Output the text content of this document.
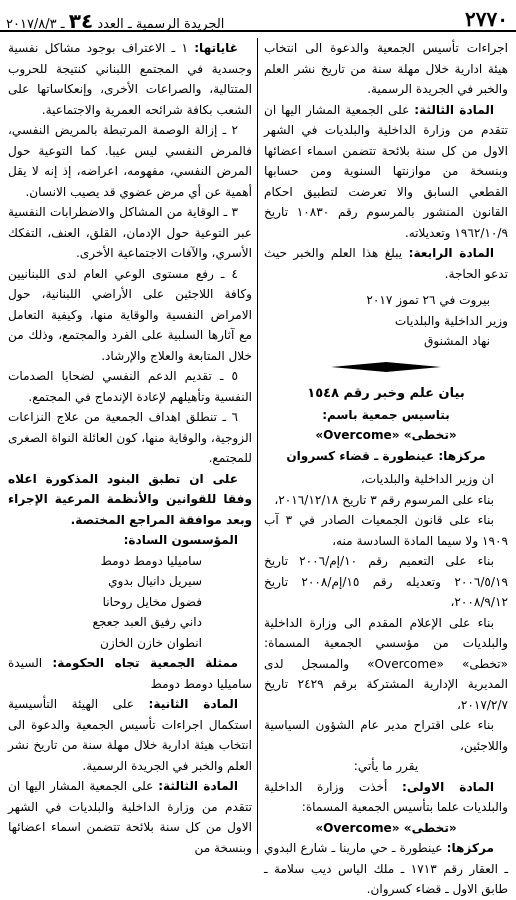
٢٧٧٠
الجريدة الرسمية ـ العدد ٣٤ ـ ٢٠١٧/٨/٣

اجراءات تأسيس الجمعية والدعوة الى انتخاب هيئة ادارية خلال مهلة سنة من تاريخ نشر العلم والخبر في الجريدة الرسمية.

المادة الثالثة: على الجمعية المشار اليها ان تتقدم من وزارة الداخلية والبلديات في الشهر الاول من كل سنة بلائحة تتضمن اسماء اعضائها وبنسخة من موازنتها السنوية ومن حسابها القطعي السابق والا تعرضت لتطبيق احكام القانون المنشور بالمرسوم رقم ١٠٨٣٠ تاريخ ١٩٦٢/١٠/٩ وتعديلاته.

المادة الرابعة: يبلغ هذا العلم والخبر حيث تدعو الحاجة.

بيروت في ٢٦ تموز ٢٠١٧

وزير الداخلية والبلديات

نهاد المشنوق

بيان علم وخبر رقم ١٥٤٨

بتاسيس جمعية باسم:

«تخطى» «Overcome»

مركزها: عينطورة ـ قضاء كسروان

ان وزير الداخلية والبلديات،

بناء على المرسوم رقم ٣ تاريخ ٢٠١٦/١٢/١٨،

بناء على قانون الجمعيات الصادر في ٣ آب ١٩٠٩ ولا سيما المادة السادسة منه،

بناء على التعميم رقم ١٠/إم/٢٠٠٦ تاريخ ٢٠٠٦/٥/١٩ وتعديله رقم ١٥/إم/٢٠٠٨ تاريخ ٢٠٠٨/٩/١٢،

بناء على الإعلام المقدم الى وزارة الداخلية والبلديات من مؤسسي الجمعية المسماة: «تخطى» «Overcome» والمسجل لدى المديرية الإدارية المشتركة برقم ٢٤٢٩ تاريخ ٢٠١٧/٢/٧،

بناء على اقتراح مدير عام الشؤون السياسية واللاجئين،

يقرر ما يأتي:

المادة الاولى: أخذت وزارة الداخلية والبلديات علما بتأسيس الجمعية المسماة:

«تخطى» «Overcome»

مركزها: عينطورة ـ حي مارينا ـ شارع البدوي ـ العقار رقم ١٧١٣ ـ ملك الياس ديب سلامة ـ طابق الاول ـ قضاء كسروان.

غاياتها: ١ ـ الاعتراف بوجود مشاكل نفسية وجسدية في المجتمع اللبناني كنتيجة للحروب المتتالية، والصراعات الأخرى، وإنعكاساتها على الشعب بكافة شرائحه العمرية والاجتماعية.

٢ ـ إزالة الوصمة المرتبطة بالمريض النفسي، فالمرض النفسي ليس عيبا. كما التوعية حول المرض النفسي، مفهومه، اعراضه، إذ إنه لا يقل أهمية عن أي مرض عضوي قد يصيب الانسان.

٣ ـ الوقاية من المشاكل والاضطرابات النفسية عبر التوعية حول الإدمان، القلق، العنف، التفكك الأسري، والآفات الاجتماعية الأخرى.

٤ ـ رفع مستوى الوعي العام لدى اللبنانيين وكافة اللاجئين على الأراضي اللبنانية، حول الامراض النفسية والوقاية منها، وكيفية التعامل مع آثارها السلبية على الفرد والمجتمع، وذلك من خلال المتابعة والعلاج والإرشاد.

٥ ـ تقديم الدعم النفسي لضحايا الصدمات النفسية وتأهيلهم لإعادة الإندماج في المجتمع.

٦ ـ تنطلق اهداف الجمعية من علاج النزاعات الزوجية، والوقاية منها، كون العائلة النواة الصغرى للمجتمع.

على ان تطبق البنود المذكورة اعلاه وفقا للقوانين والأنظمة المرعية الإجراء وبعد موافقة المراجع المختصة.

المؤسسون السادة:

ساميليا دومط دومط

سيريل دانيال بدوي

فضول مخايل روحانا

داني رفيق العبد جعجع

انطوان خازن الخازن

ممثلة الجمعية تجاه الحكومة: السيدة ساميليا دومط دومط

المادة الثانية: على الهيئة التأسيسية استكمال اجراءات تأسيس الجمعية والدعوة الى انتخاب هيئة ادارية خلال مهلة سنة من تاريخ نشر العلم والخبر في الجريدة الرسمية.

المادة الثالثة: على الجمعية المشار اليها ان تتقدم من وزارة الداخلية والبلديات في الشهر الاول من كل سنة بلائحة تتضمن اسماء اعضائها وبنسخة من
